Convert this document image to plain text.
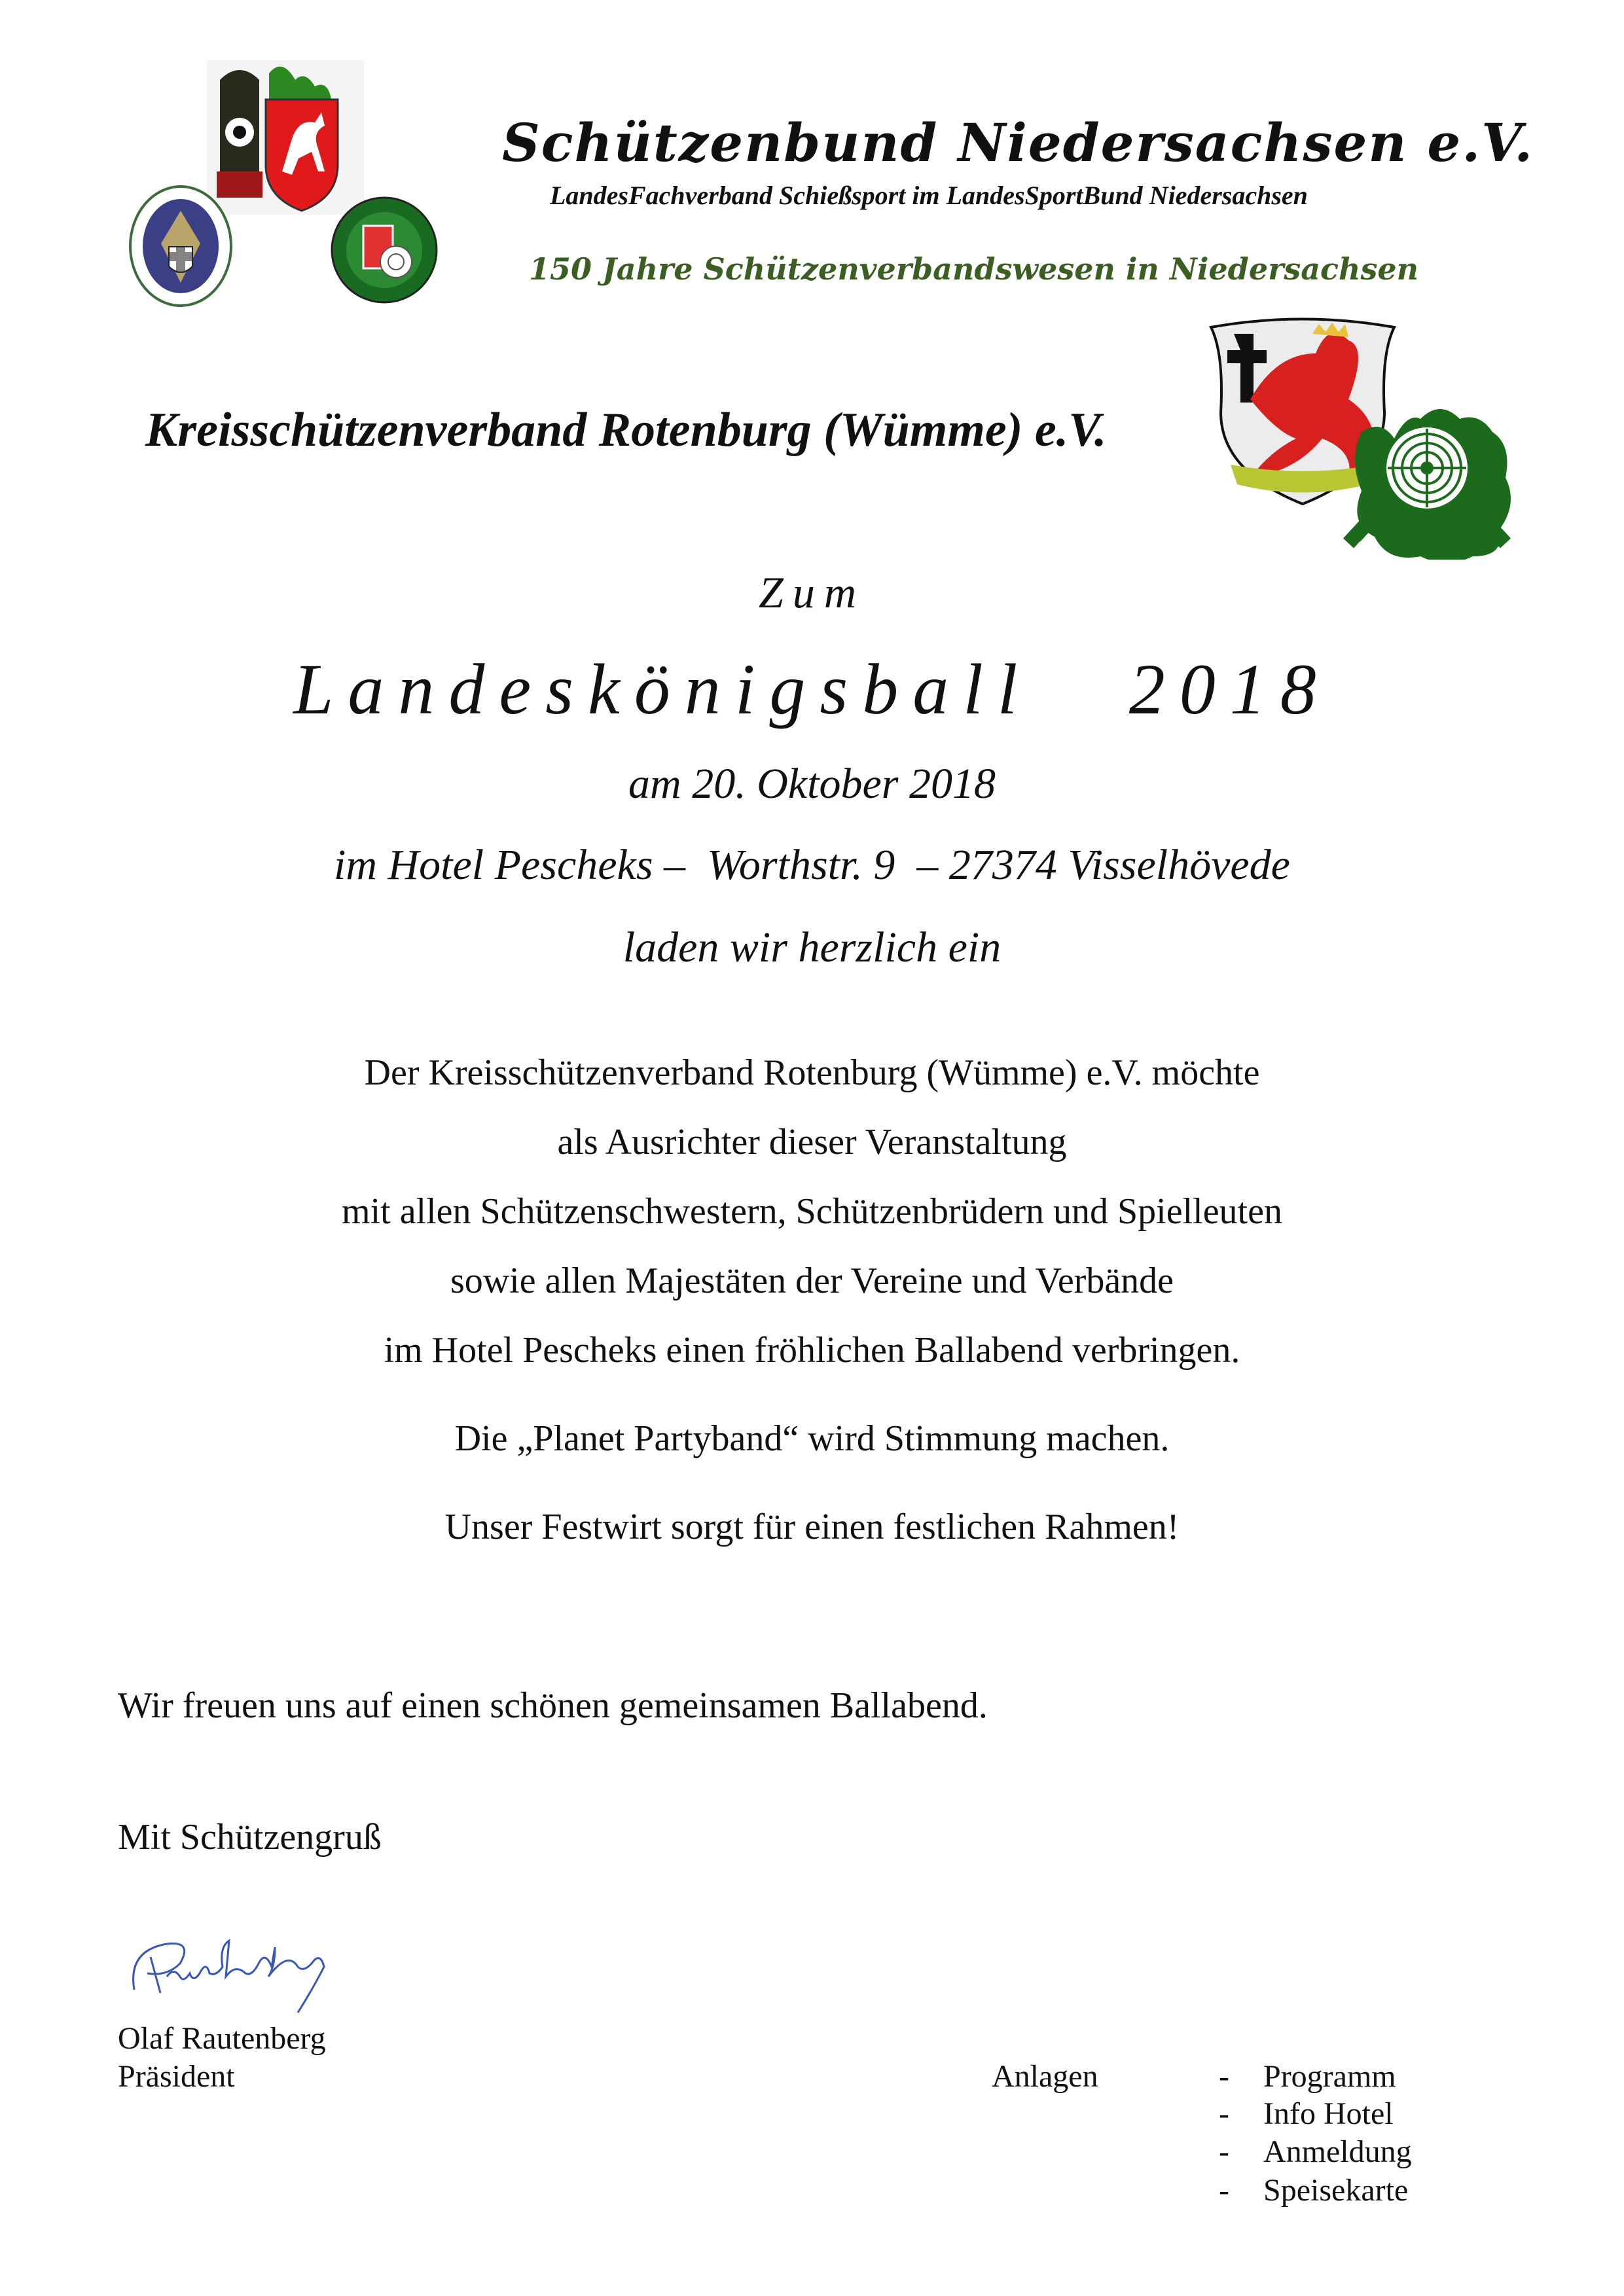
Schützenbund Niedersachsen e.V.
LandesFachverband Schießsport im LandesSportBund Niedersachsen
150 Jahre Schützenverbandswesen in Niedersachsen
Kreisschützenverband Rotenburg (Wümme) e.V.
Zum
Landeskönigsball   2018
am 20. Oktober 2018
im Hotel Pescheks –  Worthstr. 9  – 27374 Visselhövede
laden wir herzlich ein
Der Kreisschützenverband Rotenburg (Wümme) e.V. möchte
als Ausrichter dieser Veranstaltung
mit allen Schützenschwestern, Schützenbrüdern und Spielleuten
sowie allen Majestäten der Vereine und Verbände
im Hotel Pescheks einen fröhlichen Ballabend verbringen.
Die „Planet Partyband“ wird Stimmung machen.
Unser Festwirt sorgt für einen festlichen Rahmen!
Wir freuen uns auf einen schönen gemeinsamen Ballabend.
Mit Schützengruß
Olaf Rautenberg
Präsident	Anlagen	- Programm
- Info Hotel
- Anmeldung
- Speisekarte
